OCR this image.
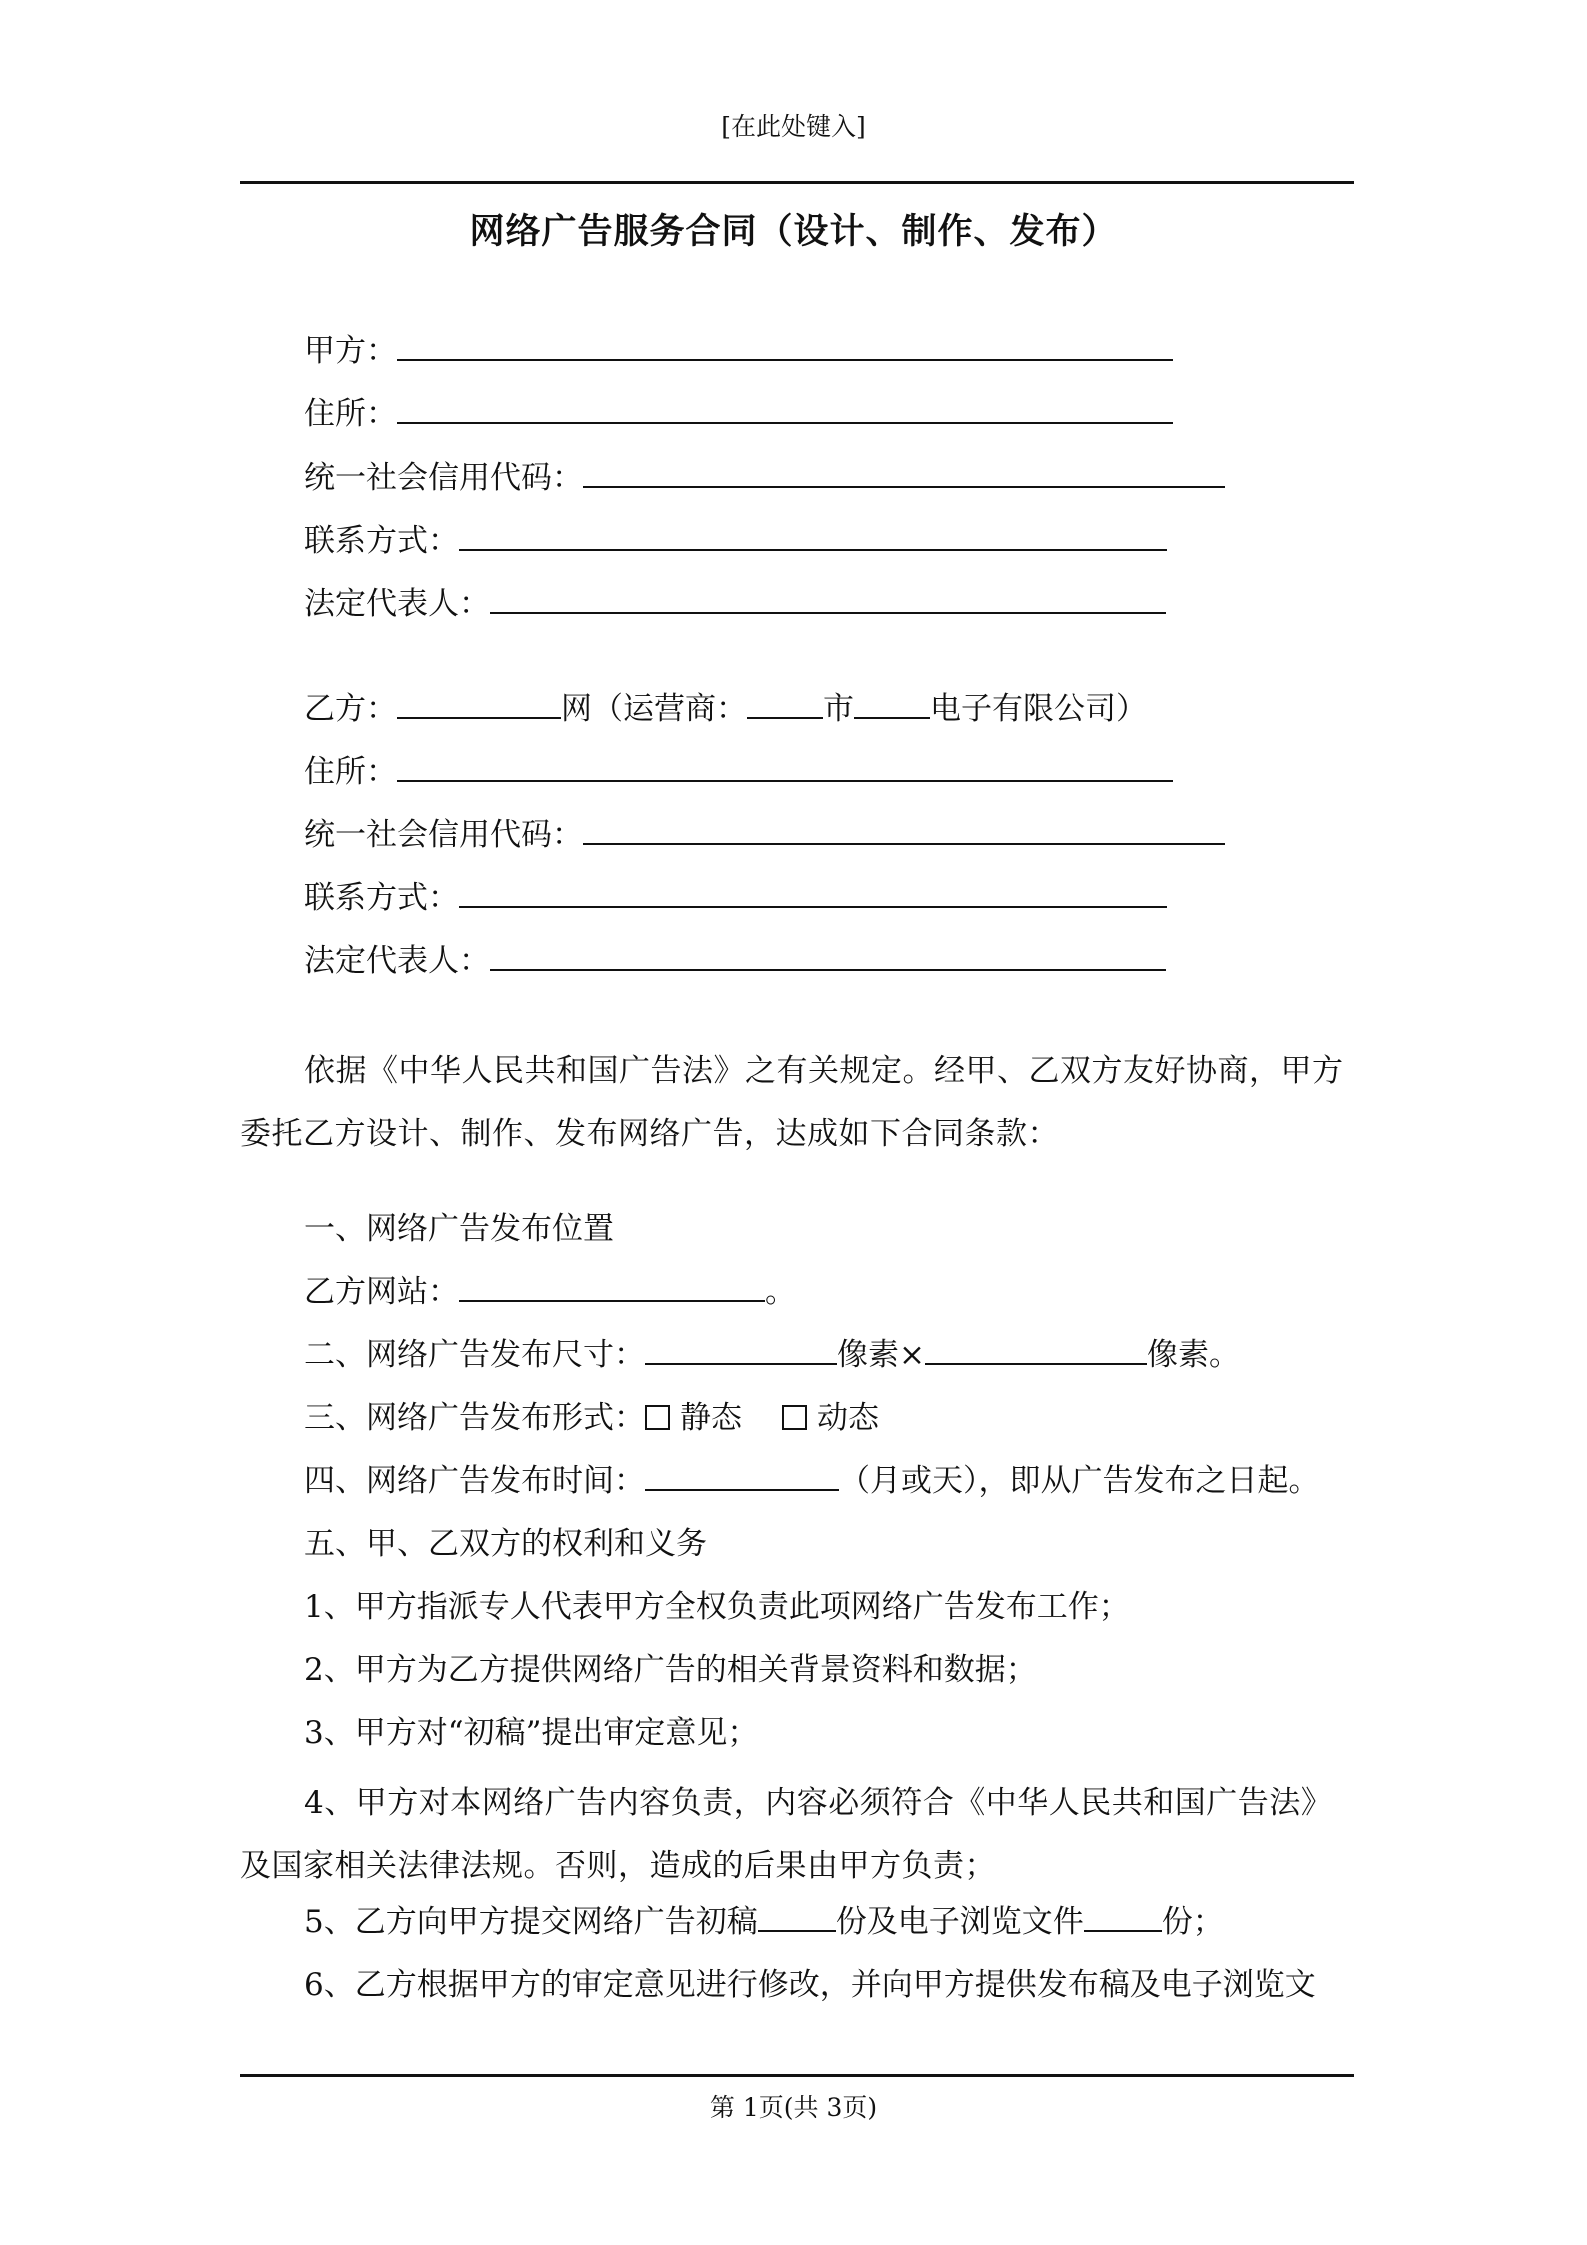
[在此处键入]
网络广告服务合同（设计、制作、发布）
甲方：
住所：
统一社会信用代码：
联系方式：
法定代表人：
乙方：	网（运营商： 市 电子有限公司）
住所：
统一社会信用代码：
联系方式：
法定代表人：
依据《中华人民共和国广告法》之有关规定。经甲、乙双方友好协商，甲方委托乙方设计、制作、发布网络广告，达成如下合同条款：
一、网络广告发布位置
乙方网站：	。
二、网络广告发布尺寸：	像素×	像素。
三、网络广告发布形式： 静态 动态
四、网络广告发布时间：	（月或天），即从广告发布之日起。
五、甲、乙双方的权利和义务
1、甲方指派专人代表甲方全权负责此项网络广告发布工作；
2、甲方为乙方提供网络广告的相关背景资料和数据；
3、甲方对“初稿”提出审定意见；
4、甲方对本网络广告内容负责，内容必须符合《中华人民共和国广告法》及国家相关法律法规。否则，造成的后果由甲方负责；
5、乙方向甲方提交网络广告初稿	份及电子浏览文件	份；
6、乙方根据甲方的审定意见进行修改，并向甲方提供发布稿及电子浏览文
第 1页(共 3页)
